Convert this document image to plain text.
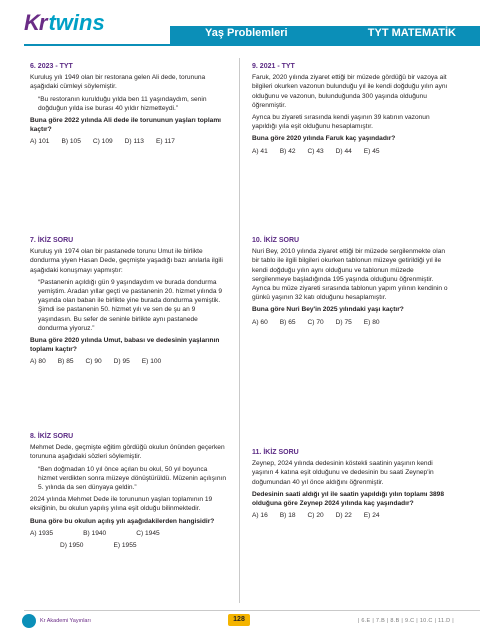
Krtwins	Yaş Problemleri	TYT MATEMATİK
6. 2023 - TYT

Kuruluş yılı 1949 olan bir restorana gelen Ali dede, torununa aşağıdaki cümleyi söylemiştir.

“Bu restoranın kurulduğu yılda ben 11 yaşındaydım, senin doğduğun yılda ise burası 40 yıldır hizmetteydi.”

Buna göre 2022 yılında Ali dede ile torununun yaşları toplamı kaçtır?

A) 101 B) 105 C) 109 D) 113 E) 117
9. 2021 - TYT

Faruk, 2020 yılında ziyaret ettiği bir müzede gördüğü bir vazoya ait bilgileri okurken vazonun bulunduğu yıl ile kendi doğduğu yılın aynı olduğunu ve vazonun, bulunduğunda 300 yaşında olduğunu öğrenmiştir.

Ayrıca bu ziyareti sırasında kendi yaşının 39 katının vazonun yapıldığı yıla eşit olduğunu hesaplamıştır.

Buna göre 2020 yılında Faruk kaç yaşındadır?

A) 41 B) 42 C) 43 D) 44 E) 45
7. İKİZ SORU

Kuruluş yılı 1974 olan bir pastanede torunu Umut ile birlikte dondurma yiyen Hasan Dede, geçmişte yaşadığı bazı anılarla ilgili aşağıdaki konuşmayı yapmıştır:

“Pastanenin açıldığı gün 9 yaşındaydım ve burada dondurma yemiştim. Aradan yıllar geçti ve pastanenin 20. hizmet yılında 9 yaşında olan baban ile birlikte yine burada dondurma yemiştik. Şimdi ise pastanenin 50. hizmet yılı ve sen de şu an 9 yaşındasın. Bu sefer de seninle birlikte aynı pastanede dondurma yiyoruz.”

Buna göre 2020 yılında Umut, babası ve dedesinin yaşlarının toplamı kaçtır?

A) 80 B) 85 C) 90 D) 95 E) 100
10. İKİZ SORU

Nuri Bey, 2010 yılında ziyaret ettiği bir müzede sergilenmekte olan bir tablo ile ilgili bilgileri okurken tablonun müzeye getirildiği yıl ile kendi doğduğu yılın aynı olduğunu ve tablonun müzede sergilenmeye başladığında 195 yaşında olduğunu öğrenmiştir. Ayrıca bu müze ziyareti sırasında tablonun yapım yılının kendinin o günkü yaşının 32 katı olduğunu hesaplamıştır.

Buna göre Nuri Bey'in 2025 yılındaki yaşı kaçtır?

A) 60 B) 65 C) 70 D) 75 E) 80
8. İKİZ SORU

Mehmet Dede, geçmişte eğitim gördüğü okulun önünden geçerken torununa aşağıdaki sözleri söylemiştir.

“Ben doğmadan 10 yıl önce açılan bu okul, 50 yıl boyunca hizmet verdikten sonra müzeye dönüştürüldü. Müzenin açılışının 5. yılında da sen dünyaya geldin.”

2024 yılında Mehmet Dede ile torununun yaşları toplamının 19 eksiğinin, bu okulun yapılış yılına eşit olduğu bilinmektedir.

Buna göre bu okulun açılış yılı aşağıdakilerden hangisidir?

A) 1935	B) 1940	C) 1945
D) 1950	E) 1955
11. İKİZ SORU

Zeynep, 2024 yılında dedesinin köstekli saatinin yaşının kendi yaşının 4 katına eşit olduğunu ve dedesinin bu saati Zeynep'in doğumundan 40 yıl önce aldığını öğrenmiştir.

Dedesinin saati aldığı yıl ile saatin yapıldığı yılın toplamı 3898 olduğuna göre Zeynep 2024 yılında kaç yaşındadır?

A) 16 B) 18 C) 20 D) 22 E) 24
Kr Akademi Yayınları	128	| 6.E | 7.B | 8.B | 9.C | 10.C | 11.D |
